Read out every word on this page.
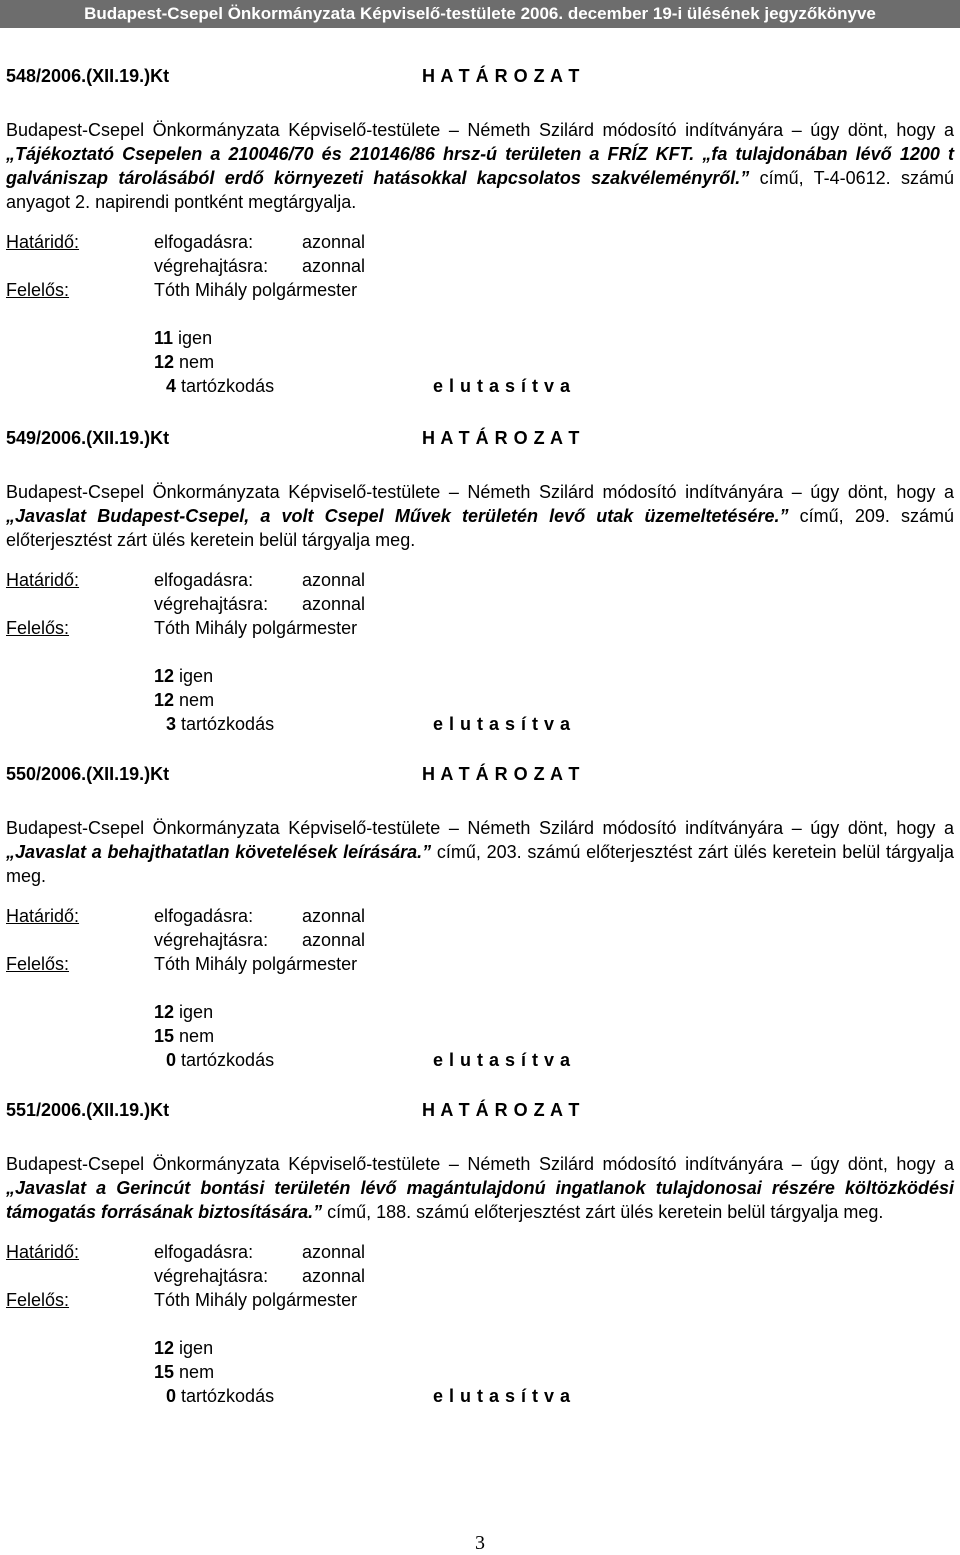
Budapest-Csepel Önkormányzata Képviselő-testülete 2006. december 19-i ülésének jegyzőkönyve
548/2006.(XII.19.)Kt	H A T Á R O Z A T
Budapest-Csepel Önkormányzata Képviselő-testülete – Németh Szilárd módosító indítványára – úgy dönt, hogy a „Tájékoztató Csepelen a 210046/70 és 210146/86 hrsz-ú területen a FRÍZ KFT. „fa tulajdonában lévő 1200 t galvániszap tárolásából erdő környezeti hatásokkal kapcsolatos szakvéleményről.” című, T-4-0612. számú anyagot 2. napirendi pontként megtárgyalja.
Határidő:	elfogadásra:	azonnal
végrehajtásra: azonnal
Felelős:	Tóth Mihály polgármester
11 igen
12 nem
4 tartózkodás	e l u t a s í t v a
549/2006.(XII.19.)Kt	H A T Á R O Z A T
Budapest-Csepel Önkormányzata Képviselő-testülete – Németh Szilárd módosító indítványára – úgy dönt, hogy a „Javaslat Budapest-Csepel, a volt Csepel Művek területén levő utak üzemeltetésére.” című, 209. számú előterjesztést zárt ülés keretein belül tárgyalja meg.
Határidő:	elfogadásra:	azonnal
végrehajtásra: azonnal
Felelős:	Tóth Mihály polgármester
12 igen
12 nem
3 tartózkodás	e l u t a s í t v a
550/2006.(XII.19.)Kt	H A T Á R O Z A T
Budapest-Csepel Önkormányzata Képviselő-testülete – Németh Szilárd módosító indítványára – úgy dönt, hogy a „Javaslat a behajthatatlan követelések leírására.” című, 203. számú előterjesztést zárt ülés keretein belül tárgyalja meg.
Határidő:	elfogadásra:	azonnal
végrehajtásra: azonnal
Felelős:	Tóth Mihály polgármester
12 igen
15 nem
0 tartózkodás	e l u t a s í t v a
551/2006.(XII.19.)Kt	H A T Á R O Z A T
Budapest-Csepel Önkormányzata Képviselő-testülete – Németh Szilárd módosító indítványára – úgy dönt, hogy a „Javaslat a Gerincút bontási területén lévő magántulajdonú ingatlanok tulajdonosai részére költözködési támogatás forrásának biztosítására.” című, 188. számú előterjesztést zárt ülés keretein belül tárgyalja meg.
Határidő:	elfogadásra:	azonnal
végrehajtásra: azonnal
Felelős:	Tóth Mihály polgármester
12 igen
15 nem
0 tartózkodás	e l u t a s í t v a
3
